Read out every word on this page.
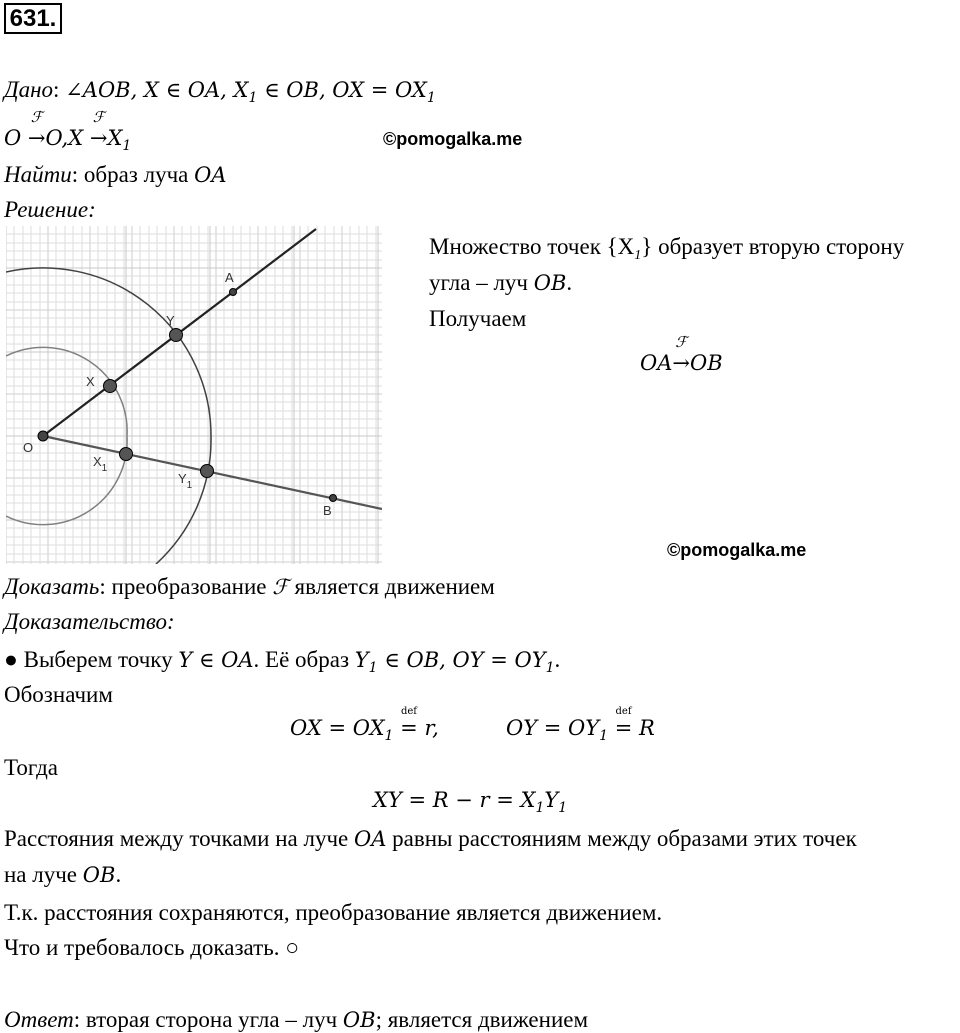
631.
Дано: ∠AOB, X ∈ OA, $X_1$ ∈ OB, OX = $OX_1$
O
ℱ
→O,X
ℱ
$\to X_1$	©pomogalka.me
Найти: образ луча OA
Решение:
A
Y
X
O
$X_1$
$Y_1$
B
Множество точек $\{X_1\}$ образует вторую сторону
угла – луч OB.
Получаем
OA
ℱ
→OB
©pomogalka.me
Доказать: преобразование ℱ является движением
Доказательство:
● Выберем точку Y ∈ OA. Её образ $Y_1$ ∈ OB, OY = $OY_1$.
Обозначим
OX = $OX_1$
def
= r,	OY = $OY_1$
def
= R
Тогда
XY = $R - r = X_1Y_1$
Расстояния между точками на луче OA равны расстояниям между образами этих точек
на луче OB.
Т.к. расстояния сохраняются, преобразование является движением.
Что и требовалось доказать. ○
Ответ: вторая сторона угла – луч OB; является движением
